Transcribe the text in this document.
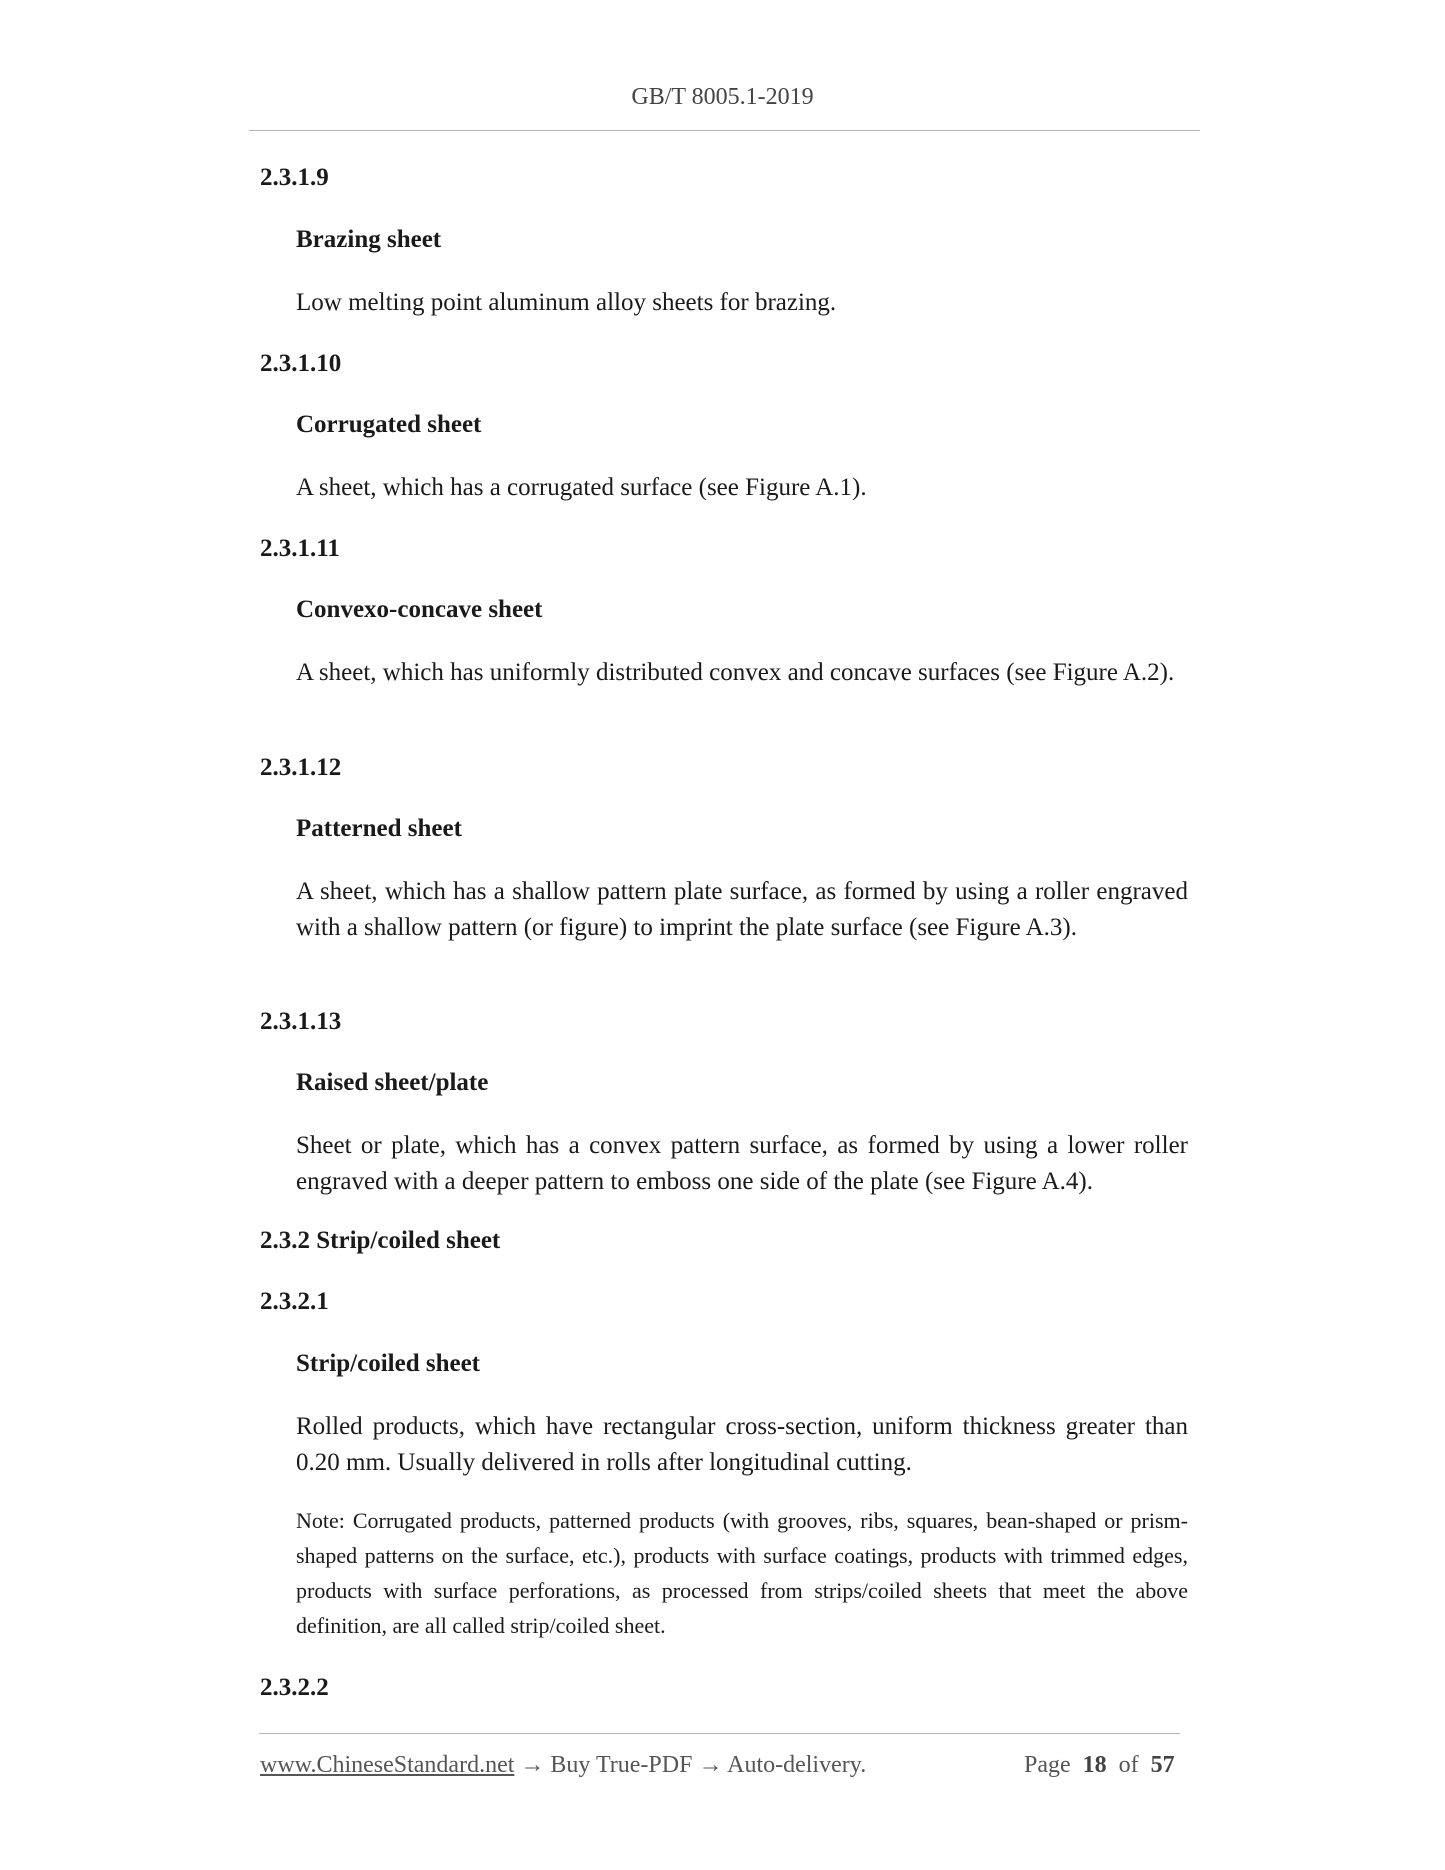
GB/T 8005.1-2019
2.3.1.9
Brazing sheet

Low melting point aluminum alloy sheets for brazing.

2.3.1.10
Corrugated sheet

A sheet, which has a corrugated surface (see Figure A.1).

2.3.1.11
Convexo-concave sheet

A sheet, which has uniformly distributed convex and concave surfaces (see Figure A.2).

2.3.1.12
Patterned sheet

A sheet, which has a shallow pattern plate surface, as formed by using a roller engraved with a shallow pattern (or figure) to imprint the plate surface (see Figure A.3).

2.3.1.13
Raised sheet/plate

Sheet or plate, which has a convex pattern surface, as formed by using a lower roller engraved with a deeper pattern to emboss one side of the plate (see Figure A.4).

2.3.2 Strip/coiled sheet
2.3.2.1
Strip/coiled sheet

Rolled products, which have rectangular cross-section, uniform thickness greater than 0.20 mm. Usually delivered in rolls after longitudinal cutting.

Note: Corrugated products, patterned products (with grooves, ribs, squares, bean-shaped or prism-shaped patterns on the surface, etc.), products with surface coatings, products with trimmed edges, products with surface perforations, as processed from strips/coiled sheets that meet the above definition, are all called strip/coiled sheet.
2.3.2.2
www.ChineseStandard.net → Buy True-PDF → Auto-delivery.	Page 18 of 57
